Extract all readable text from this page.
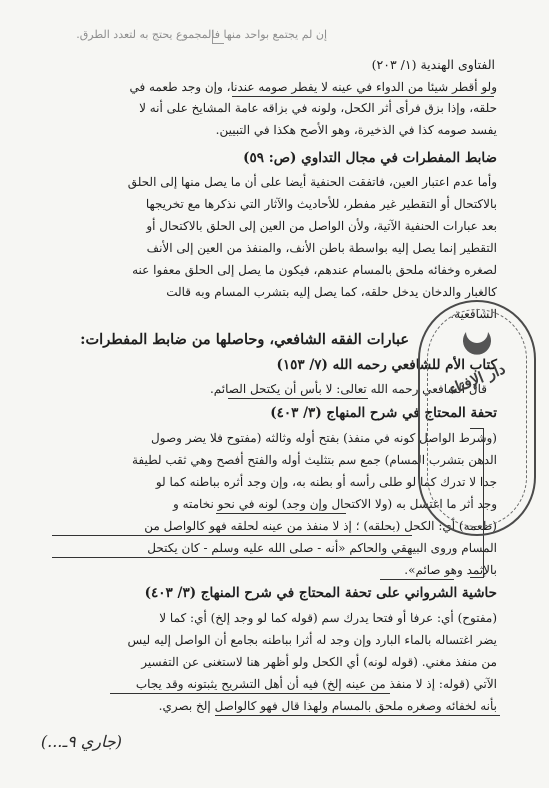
إن لم يجتمع بواحد منها فالمجموع يحتج به لتعدد الطرق.
الفتاوى الهندية (١/ ٢٠٣)
ولو أقطر شيئا من الدواء في عينه لا يفطر صومه عندنا، وإن وجد طعمه في
حلقه، وإذا بزق فرأى أثر الكحل، ولونه في بزاقه عامة المشايخ على أنه لا
يفسد صومه كذا في الذخيرة، وهو الأصح هكذا في التبيين.
ضابط المفطرات في مجال التداوي (ص: ٥٩)
وأما عدم اعتبار العين، فاتفقت الحنفية أيضا على أن ما يصل منها إلى الحلق
بالاكتحال أو التقطير غير مفطر، للأحاديث والآثار التي نذكرها مع تخريجها
بعد عبارات الحنفية الآتية، ولأن الواصل من العين إلى الحلق بالاكتحال أو
التقطير إنما يصل إليه بواسطة باطن الأنف، والمنفذ من العين إلى الأنف
لصغره وخفائه ملحق بالمسام عندهم، فيكون ما يصل إلى الحلق معفوا عنه
كالغبار والدخان يدخل حلقه، كما يصل إليه بتشرب المسام وبه قالت
الشافعية.
عبارات الفقه الشافعي، وحاصلها من ضابط المفطرات:
كتاب الأم للشافعي رحمه الله (٧/ ١٥٣)
قال الشافعي رحمه الله تعالى: لا بأس أن يكتحل الصائم.
تحفة المحتاج في شرح المنهاج (٣/ ٤٠٣)
(وشرط الواصل كونه في منفذ) بفتح أوله وثالثه (مفتوح فلا يضر وصول
الدهن بتشرب المسام) جمع سم بتثليث أوله والفتح أفصح وهي ثقب لطيفة
جدا لا تدرك كما لو طلى رأسه أو بطنه به، وإن وجد أثره بباطنه كما لو
وجد أثر ما اغتسل به (ولا الاكتحال وإن وجد) لونه في نحو نخامته و
(طعمه) أي: الكحل (بحلقه) ؛ إذ لا منفذ من عينه لحلقه فهو كالواصل من
المسام وروى البيهقي والحاكم «أنه - صلى الله عليه وسلم - كان يكتحل
بالإثمد وهو صائم».
حاشية الشرواني على تحفة المحتاج في شرح المنهاج (٣/ ٤٠٣)
(مفتوح) أي: عرفا أو فتحا يدرك سم (قوله كما لو وجد إلخ) أي: كما لا
يضر اغتساله بالماء البارد وإن وجد له أثرا بباطنه بجامع أن الواصل إليه ليس
من منفذ مغني. (قوله لونه) أي الكحل ولو أظهر هنا لاستغنى عن التفسير
الآتي (قوله: إذ لا منفذ من عينه إلخ) فيه أن أهل التشريح يثبتونه وقد يجاب
بأنه لخفائه وصغره ملحق بالمسام ولهذا قال فهو كالواصل إلخ بصري.
دار الإفتاء
(جاري ٩ـ...)
